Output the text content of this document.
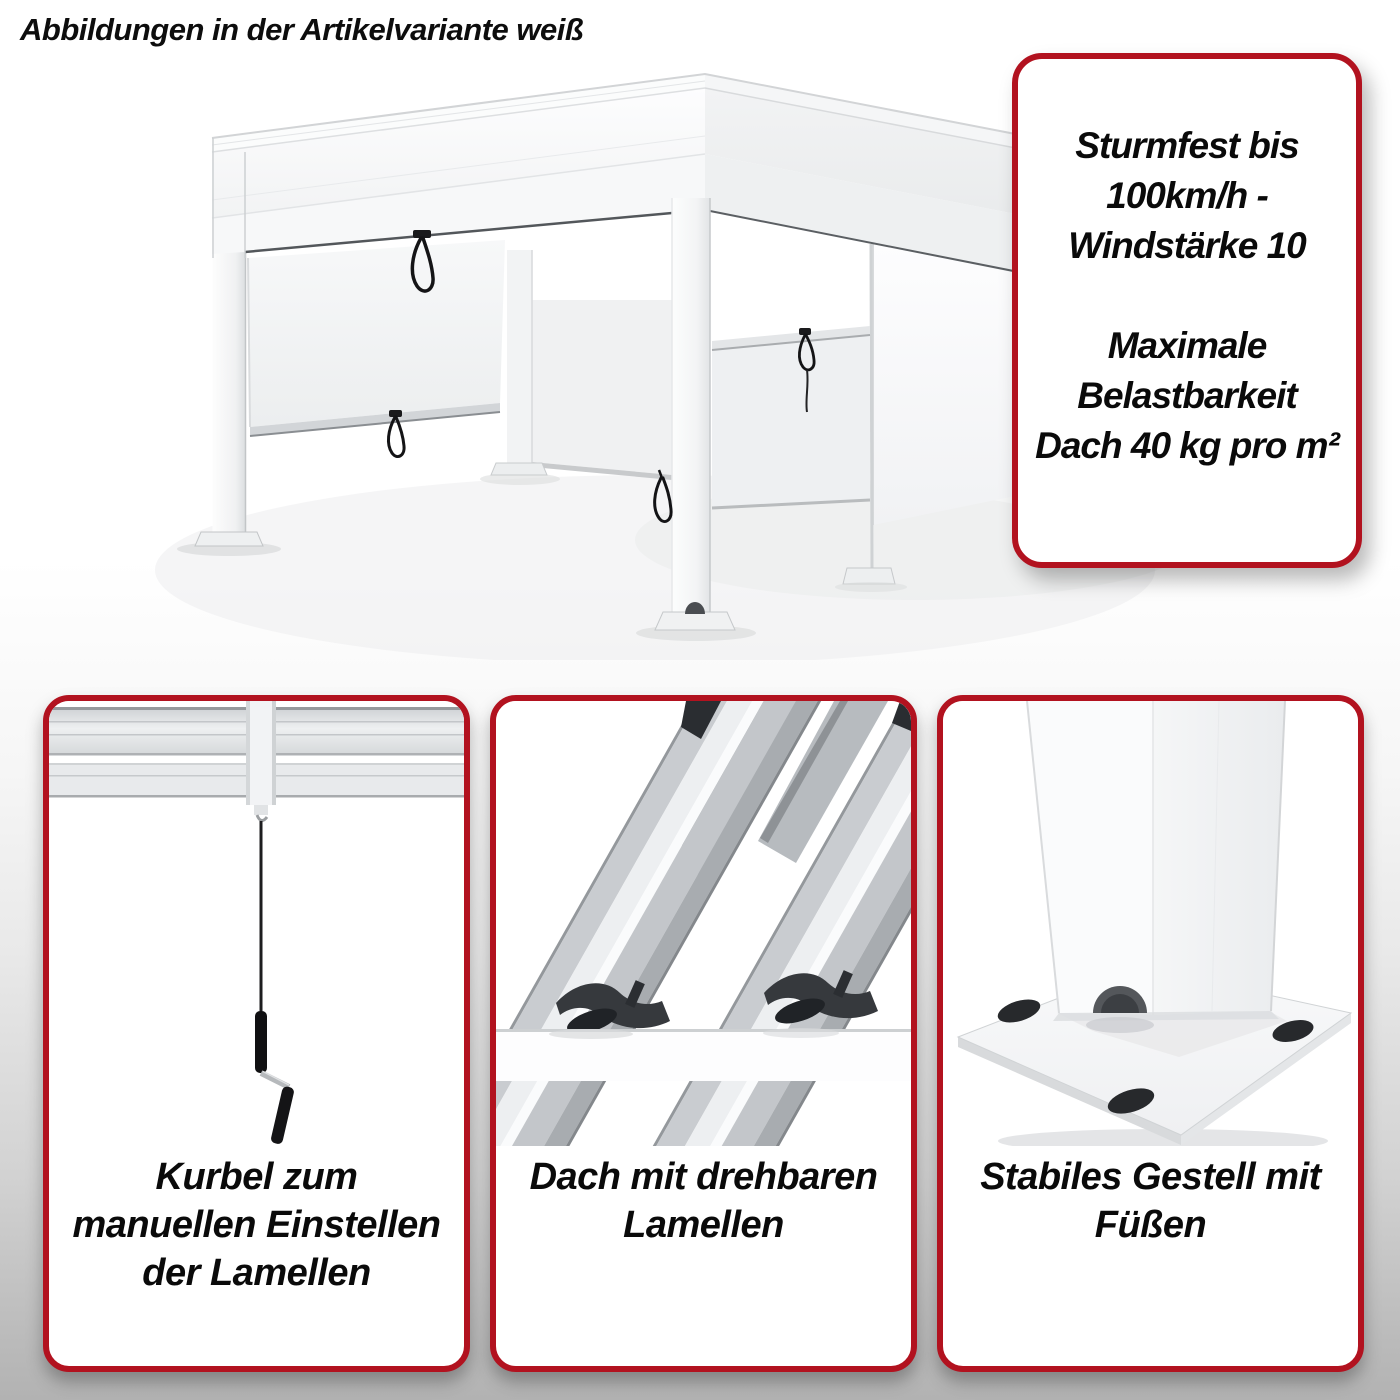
Abbildungen in der Artikelvariante weiß
Sturmfest bis
100km/h -
Windstärke 10

Maximale
Belastbarkeit
Dach 40 kg pro m²
Kurbel zum
manuellen Einstellen
der Lamellen
Dach mit drehbaren
Lamellen
Stabiles Gestell mit
Füßen
